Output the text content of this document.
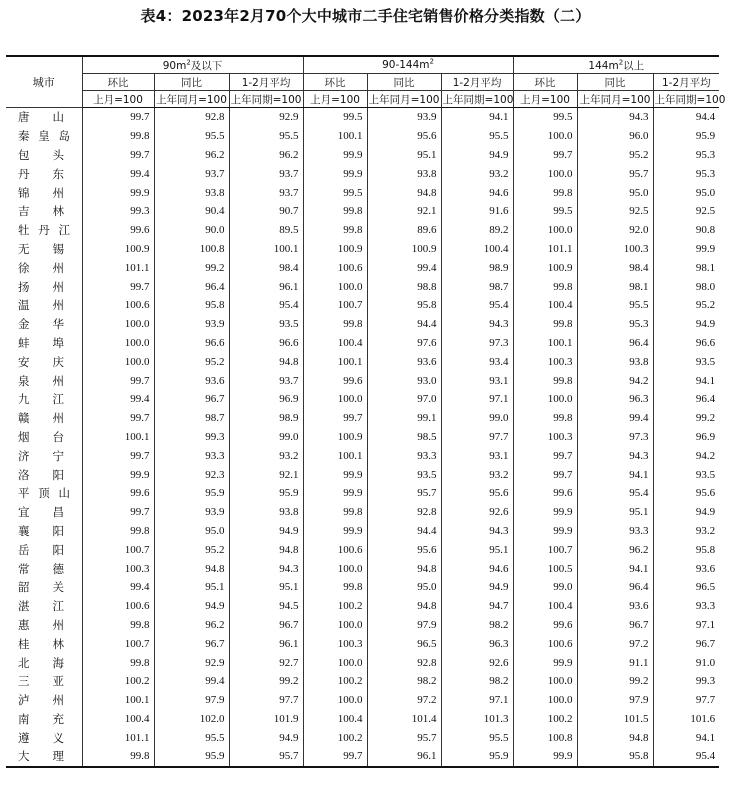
表4：2023年2月70个大中城市二手住宅销售价格分类指数（二）
城市	$90m^2$及以下			$90-144m^2$			$144m^2$以上		
	环比	同比	1-2月平均	环比	同比	1-2月平均	环比	同比	1-2月平均
	上月=100	上年同月=100	上年同期=100	上月=100	上年同月=100	上年同期=100	上月=100	上年同月=100	上年同期=100

唐山	99.7	92.8	92.9	99.5	93.9	94.1	99.5	94.3	94.4

秦皇岛	99.8	95.5	95.5	100.1	95.6	95.5	100.0	96.0	95.9

包头	99.7	96.2	96.2	99.9	95.1	94.9	99.7	95.2	95.3

丹东	99.4	93.7	93.7	99.9	93.8	93.2	100.0	95.7	95.3

锦州	99.9	93.8	93.7	99.5	94.8	94.6	99.8	95.0	95.0

吉林	99.3	90.4	90.7	99.8	92.1	91.6	99.5	92.5	92.5

牡丹江	99.6	90.0	89.5	99.8	89.6	89.2	100.0	92.0	90.8

无锡	100.9	100.8	100.1	100.9	100.9	100.4	101.1	100.3	99.9

徐州	101.1	99.2	98.4	100.6	99.4	98.9	100.9	98.4	98.1

扬州	99.7	96.4	96.1	100.0	98.8	98.7	99.8	98.1	98.0

温州	100.6	95.8	95.4	100.7	95.8	95.4	100.4	95.5	95.2

金华	100.0	93.9	93.5	99.8	94.4	94.3	99.8	95.3	94.9

蚌埠	100.0	96.6	96.6	100.4	97.6	97.3	100.1	96.4	96.6

安庆	100.0	95.2	94.8	100.1	93.6	93.4	100.3	93.8	93.5

泉州	99.7	93.6	93.7	99.6	93.0	93.1	99.8	94.2	94.1

九江	99.4	96.7	96.9	100.0	97.0	97.1	100.0	96.3	96.4

赣州	99.7	98.7	98.9	99.7	99.1	99.0	99.8	99.4	99.2

烟台	100.1	99.3	99.0	100.9	98.5	97.7	100.3	97.3	96.9

济宁	99.7	93.3	93.2	100.1	93.3	93.1	99.7	94.3	94.2

洛阳	99.9	92.3	92.1	99.9	93.5	93.2	99.7	94.1	93.5

平顶山	99.6	95.9	95.9	99.9	95.7	95.6	99.6	95.4	95.6

宜昌	99.7	93.9	93.8	99.8	92.8	92.6	99.9	95.1	94.9

襄阳	99.8	95.0	94.9	99.9	94.4	94.3	99.9	93.3	93.2

岳阳	100.7	95.2	94.8	100.6	95.6	95.1	100.7	96.2	95.8

常德	100.3	94.8	94.3	100.0	94.8	94.6	100.5	94.1	93.6

韶关	99.4	95.1	95.1	99.8	95.0	94.9	99.0	96.4	96.5

湛江	100.6	94.9	94.5	100.2	94.8	94.7	100.4	93.6	93.3

惠州	99.8	96.2	96.7	100.0	97.9	98.2	99.6	96.7	97.1

桂林	100.7	96.7	96.1	100.3	96.5	96.3	100.6	97.2	96.7

北海	99.8	92.9	92.7	100.0	92.8	92.6	99.9	91.1	91.0

三亚	100.2	99.4	99.2	100.2	98.2	98.2	100.0	99.2	99.3

泸州	100.1	97.9	97.7	100.0	97.2	97.1	100.0	97.9	97.7

南充	100.4	102.0	101.9	100.4	101.4	101.3	100.2	101.5	101.6

遵义	101.1	95.5	94.9	100.2	95.7	95.5	100.8	94.8	94.1

大理	99.8	95.9	95.7	99.7	96.1	95.9	99.9	95.8	95.4
